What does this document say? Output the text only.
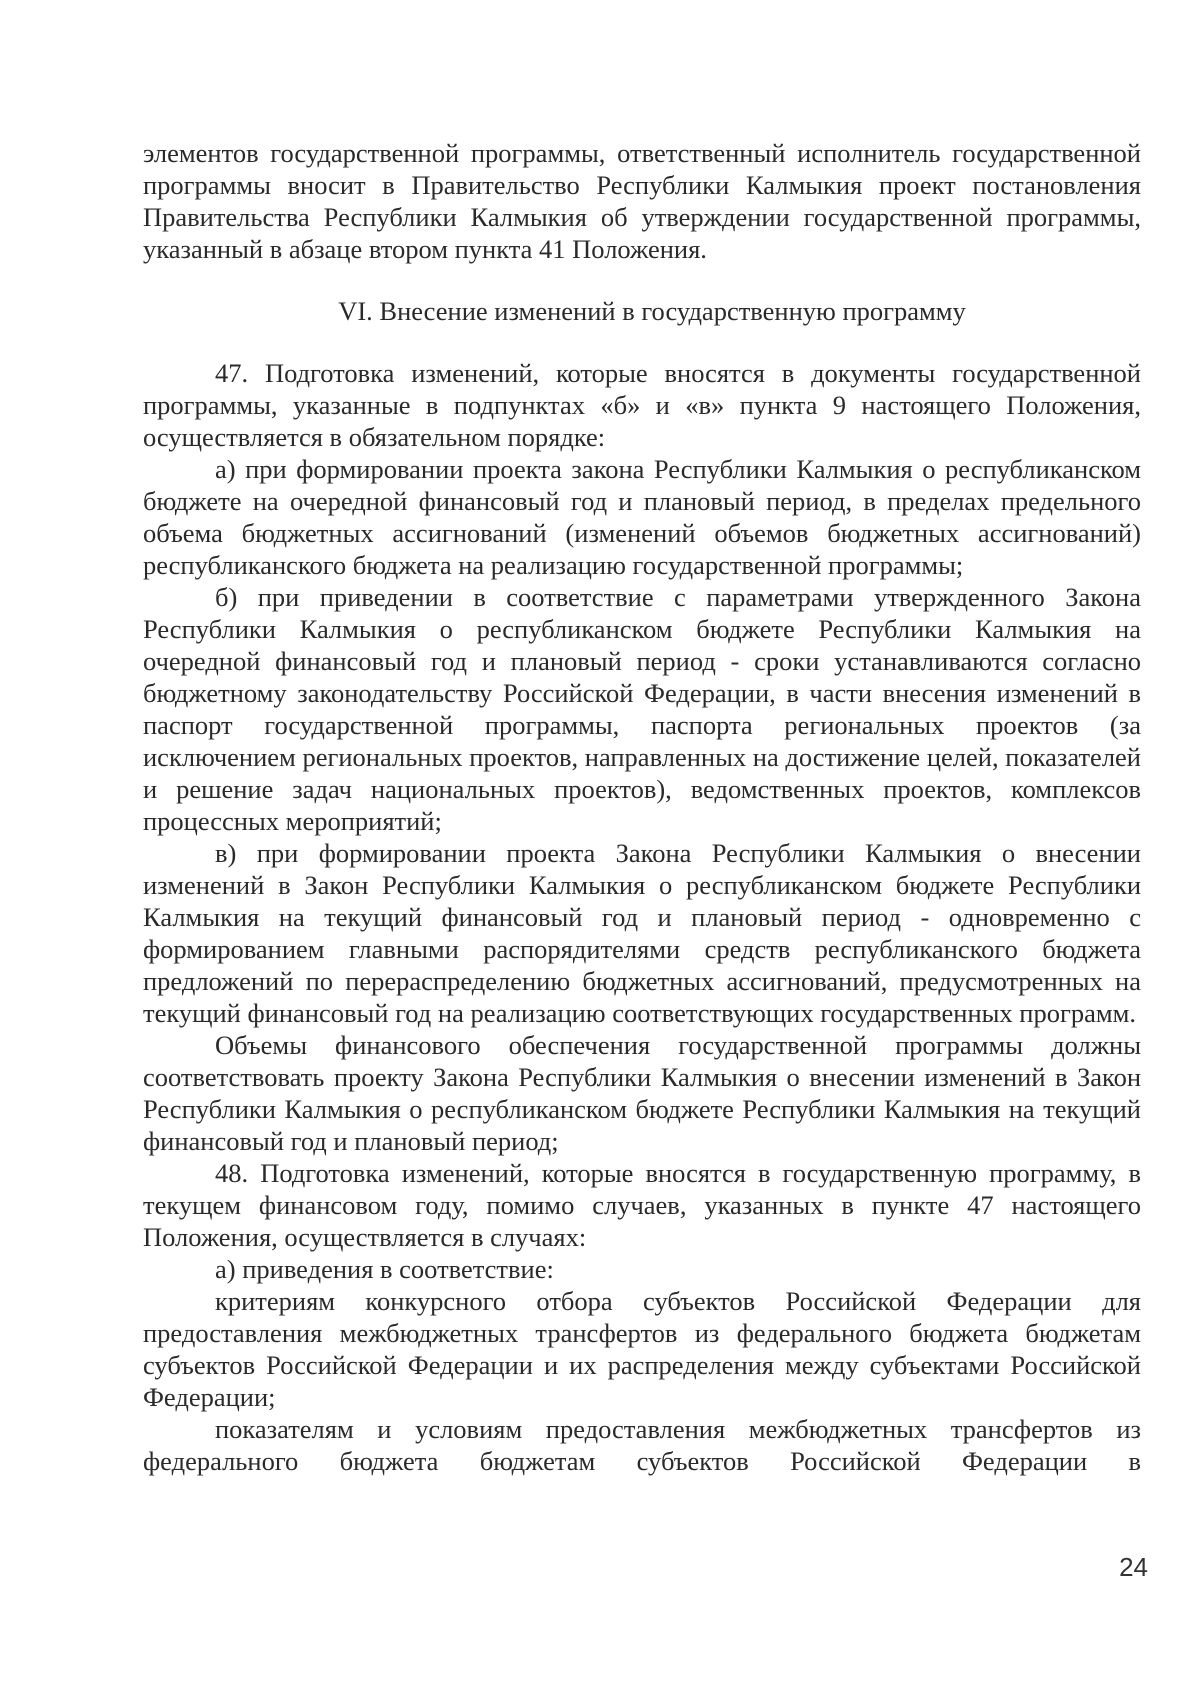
элементов государственной программы, ответственный исполнитель государственной программы вносит в Правительство Республики Калмыкия проект постановления Правительства Республики Калмыкия об утверждении государственной программы, указанный в абзаце втором пункта 41 Положения.

VI. Внесение изменений в государственную программу

47. Подготовка изменений, которые вносятся в документы государственной программы, указанные в подпунктах «б» и «в» пункта 9 настоящего Положения, осуществляется в обязательном порядке:

а) при формировании проекта закона Республики Калмыкия о республиканском бюджете на очередной финансовый год и плановый период, в пределах предельного объема бюджетных ассигнований (изменений объемов бюджетных ассигнований) республиканского бюджета на реализацию государственной программы;

б) при приведении в соответствие с параметрами утвержденного Закона Республики Калмыкия о республиканском бюджете Республики Калмыкия на очередной финансовый год и плановый период - сроки устанавливаются согласно бюджетному законодательству Российской Федерации, в части внесения изменений в паспорт государственной программы, паспорта региональных проектов (за исключением региональных проектов, направленных на достижение целей, показателей и решение задач национальных проектов), ведомственных проектов, комплексов процессных мероприятий;

в) при формировании проекта Закона Республики Калмыкия о внесении изменений в Закон Республики Калмыкия о республиканском бюджете Республики Калмыкия на текущий финансовый год и плановый период - одновременно с формированием главными распорядителями средств республиканского бюджета предложений по перераспределению бюджетных ассигнований, предусмотренных на текущий финансовый год на реализацию соответствующих государственных программ.

Объемы финансового обеспечения государственной программы должны соответствовать проекту Закона Республики Калмыкия о внесении изменений в Закон Республики Калмыкия о республиканском бюджете Республики Калмыкия на текущий финансовый год и плановый период;

48. Подготовка изменений, которые вносятся в государственную программу, в текущем финансовом году, помимо случаев, указанных в пункте 47 настоящего Положения, осуществляется в случаях:

а) приведения в соответствие:

критериям конкурсного отбора субъектов Российской Федерации для предоставления межбюджетных трансфертов из федерального бюджета бюджетам субъектов Российской Федерации и их распределения между субъектами Российской Федерации;

показателям и условиям предоставления межбюджетных трансфертов из федерального бюджета бюджетам субъектов Российской Федерации в

24
